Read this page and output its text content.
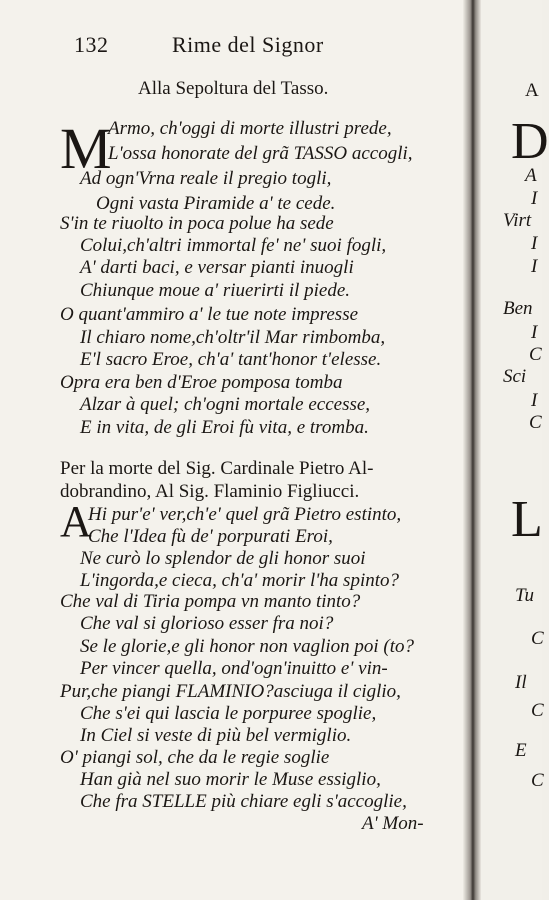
132	Rime del Signor
Alla Sepoltura del Tasso.
M
Armo, ch'oggi di morte illustri prede,
L'ossa honorate del grã TASSO accogli,
Ad ogn'Vrna reale il pregio togli,
Ogni vasta Piramide a' te cede.
S'in te riuolto in poca polue ha sede
Colui,ch'altri immortal fe' ne' suoi fogli,
A' darti baci, e versar pianti inuogli
Chiunque moue a' riuerirti il piede.
O quant'ammiro a' le tue note impresse
Il chiaro nome,ch'oltr'il Mar rimbomba,
E'l sacro Eroe, ch'a' tant'honor t'elesse.
Opra era ben d'Eroe pomposa tomba
Alzar à quel; ch'ogni mortale eccesse,
E in vita, de gli Eroi fù vita, e tromba.
Per la morte del Sig. Cardinale Pietro Al-
dobrandino, Al Sig. Flaminio Figliucci.
A
Hi pur'e' ver,ch'e' quel grã Pietro estinto,
Che l'Idea fù de' porpurati Eroi,
Ne curò lo splendor de gli honor suoi
L'ingorda,e cieca, ch'a' morir l'ha spinto?
Che val di Tiria pompa vn manto tinto?
Che val si glorioso esser fra noi?
Se le glorie,e gli honor non vaglion poi (to?
Per vincer quella, ond'ogn'inuitto e' vin-
Pur,che piangi FLAMINIO?asciuga il ciglio,
Che s'ei qui lascia le porpuree spoglie,
In Ciel si veste di più bel vermiglio.
O' piangi sol, che da le regie soglie
Han già nel suo morir le Muse essiglio,
Che fra STELLE più chiare egli s'accoglie,
A' Mon-
A
D
A
I
Virt
I
I
Ben
I
C
Sci
I
C
L
Tu
C
Il
C
E
C
